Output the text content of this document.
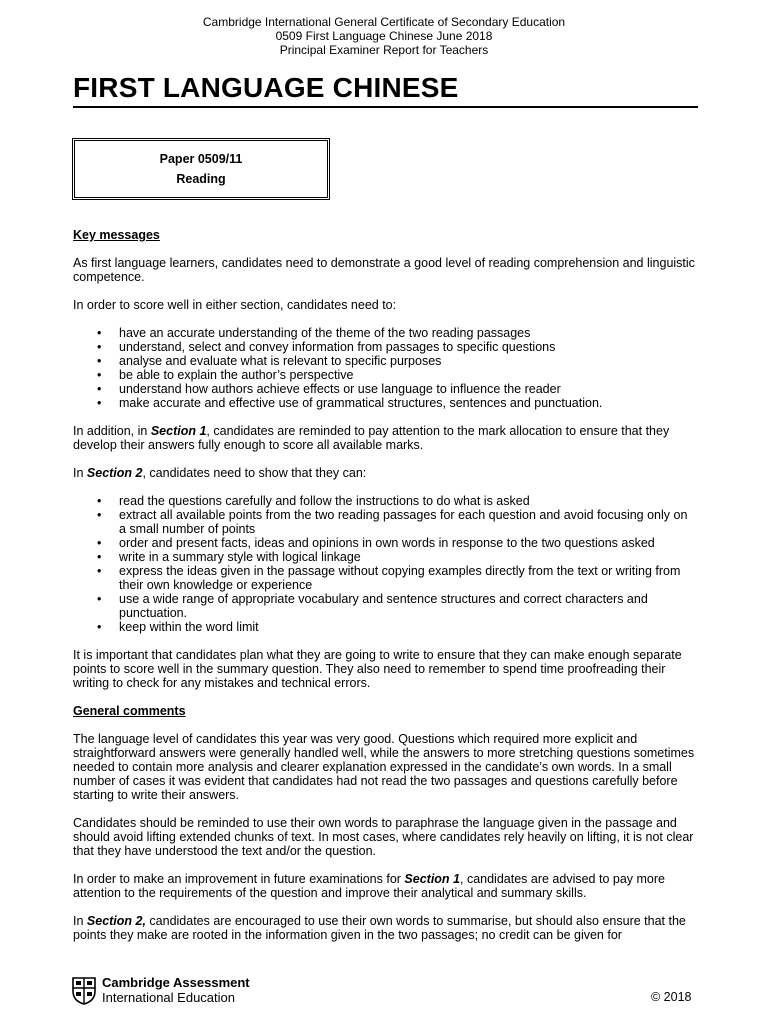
Cambridge International General Certificate of Secondary Education
0509 First Language Chinese June 2018
Principal Examiner Report for Teachers
FIRST LANGUAGE CHINESE
Paper 0509/11
Reading
Key messages

As first language learners, candidates need to demonstrate a good level of reading comprehension and linguistic competence.

In order to score well in either section, candidates need to:

• have an accurate understanding of the theme of the two reading passages
• understand, select and convey information from passages to specific questions
• analyse and evaluate what is relevant to specific purposes
• be able to explain the author’s perspective
• understand how authors achieve effects or use language to influence the reader
• make accurate and effective use of grammatical structures, sentences and punctuation.

In addition, in Section 1, candidates are reminded to pay attention to the mark allocation to ensure that they develop their answers fully enough to score all available marks.

In Section 2, candidates need to show that they can:

• read the questions carefully and follow the instructions to do what is asked
• extract all available points from the two reading passages for each question and avoid focusing only on a small number of points
• order and present facts, ideas and opinions in own words in response to the two questions asked
• write in a summary style with logical linkage
• express the ideas given in the passage without copying examples directly from the text or writing from their own knowledge or experience
• use a wide range of appropriate vocabulary and sentence structures and correct characters and punctuation.
• keep within the word limit

It is important that candidates plan what they are going to write to ensure that they can make enough separate points to score well in the summary question. They also need to remember to spend time proofreading their writing to check for any mistakes and technical errors.

General comments

The language level of candidates this year was very good. Questions which required more explicit and straightforward answers were generally handled well, while the answers to more stretching questions sometimes needed to contain more analysis and clearer explanation expressed in the candidate’s own words. In a small number of cases it was evident that candidates had not read the two passages and questions carefully before starting to write their answers.

Candidates should be reminded to use their own words to paraphrase the language given in the passage and should avoid lifting extended chunks of text. In most cases, where candidates rely heavily on lifting, it is not clear that they have understood the text and/or the question.

In order to make an improvement in future examinations for Section 1, candidates are advised to pay more attention to the requirements of the question and improve their analytical and summary skills.

In Section 2, candidates are encouraged to use their own words to summarise, but should also ensure that the points they make are rooted in the information given in the two passages; no credit can be given for

Cambridge Assessment
International Education	© 2018
